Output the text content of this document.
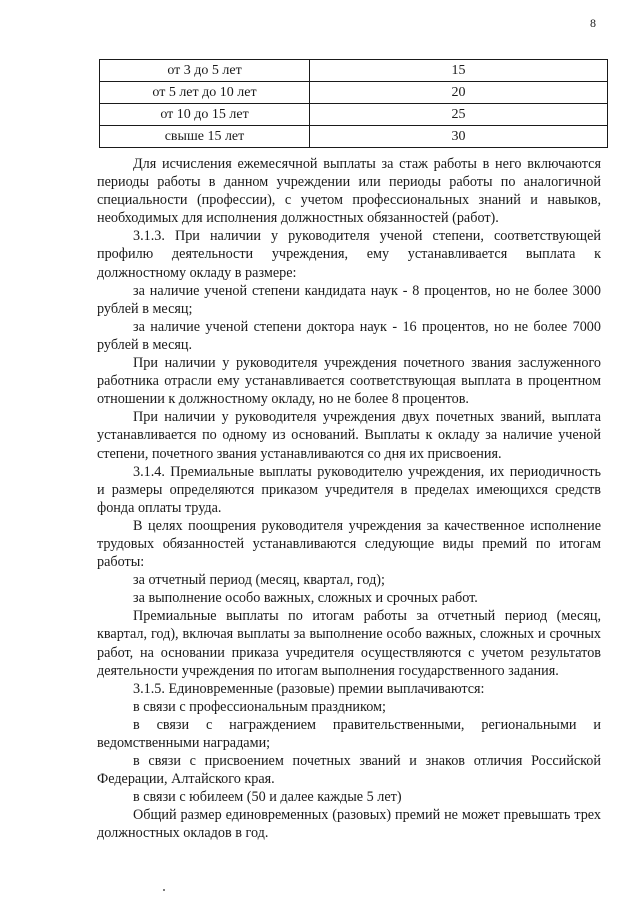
8
от 3 до 5 лет	15
от 5 лет до 10 лет	20
от 10 до 15 лет	25
свыше 15 лет	30

Для исчисления ежемесячной выплаты за стаж работы в него включаются периоды работы в данном учреждении или периоды работы по аналогичной специальности (профессии), с учетом профессиональных знаний и навыков, необходимых для исполнения должностных обязанностей (работ).

3.1.3. При наличии у руководителя ученой степени, соответствующей профилю деятельности учреждения, ему устанавливается выплата к должностному окладу в размере:

за наличие ученой степени кандидата наук - 8 процентов, но не более 3000 рублей в месяц;

за наличие ученой степени доктора наук - 16 процентов, но не более 7000 рублей в месяц.

При наличии у руководителя учреждения почетного звания заслуженного работника отрасли ему устанавливается соответствующая выплата в процентном отношении к должностному окладу, но не более 8 процентов.

При наличии у руководителя учреждения двух почетных званий, выплата устанавливается по одному из оснований. Выплаты к окладу за наличие ученой степени, почетного звания устанавливаются со дня их присвоения.

3.1.4. Премиальные выплаты руководителю учреждения, их периодичность и размеры определяются приказом учредителя в пределах имеющихся средств фонда оплаты труда.

В целях поощрения руководителя учреждения за качественное исполнение трудовых обязанностей устанавливаются следующие виды премий по итогам работы:

за отчетный период (месяц, квартал, год);

за выполнение особо важных, сложных и срочных работ.

Премиальные выплаты по итогам работы за отчетный период (месяц, квартал, год), включая выплаты за выполнение особо важных, сложных и срочных работ, на основании приказа учредителя осуществляются с учетом результатов деятельности учреждения по итогам выполнения государственного задания.

3.1.5. Единовременные (разовые) премии выплачиваются:

в связи с профессиональным праздником;

в связи с награждением правительственными, региональными и ведомственными наградами;

в связи с присвоением почетных званий и знаков отличия Российской Федерации, Алтайского края.

в связи с юбилеем (50 и далее каждые 5 лет)

Общий размер единовременных (разовых) премий не может превышать трех должностных окладов в год.
